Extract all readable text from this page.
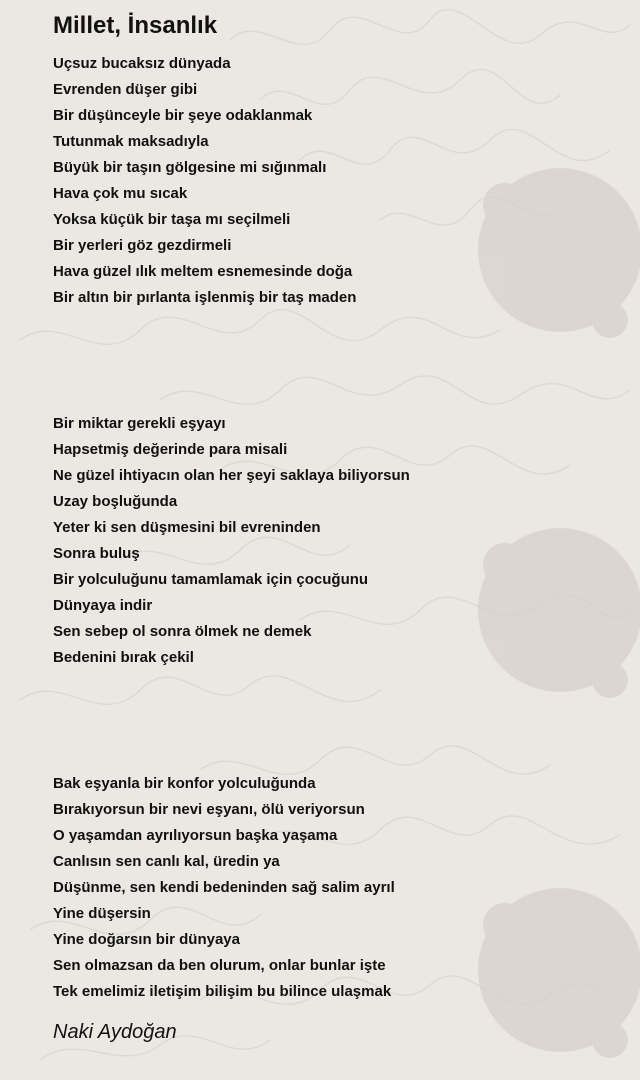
Millet, İnsanlık
Uçsuz bucaksız dünyada
Evrenden düşer gibi
Bir düşünceyle bir şeye odaklanmak
Tutunmak maksadıyla
Büyük bir taşın gölgesine mi sığınmalı
Hava çok mu sıcak
Yoksa küçük bir taşa mı seçilmeli
Bir yerleri göz gezdirmeli
Hava güzel ılık meltem esnemesinde doğa
Bir altın bir pırlanta işlenmiş bir taş maden
Bir miktar gerekli eşyayı
Hapsetmiş değerinde para misali
Ne güzel ihtiyacın olan her şeyi saklaya biliyorsun
Uzay boşluğunda
Yeter ki sen düşmesini bil evreninden
Sonra buluş
Bir yolculuğunu tamamlamak için çocuğunu
Dünyaya indir
Sen sebep ol sonra ölmek ne demek
Bedenini bırak çekil
Bak eşyanla bir konfor yolculuğunda
Bırakıyorsun bir nevi eşyanı, ölü veriyorsun
O yaşamdan ayrılıyorsun başka yaşama
Canlısın sen canlı kal, üredin ya
Düşünme, sen kendi bedeninden sağ salim ayrıl
Yine düşersin
Yine doğarsın bir dünyaya
Sen olmazsan da ben olurum, onlar bunlar işte
Tek emelimiz iletişim bilişim bu bilince ulaşmak
Naki Aydoğan
